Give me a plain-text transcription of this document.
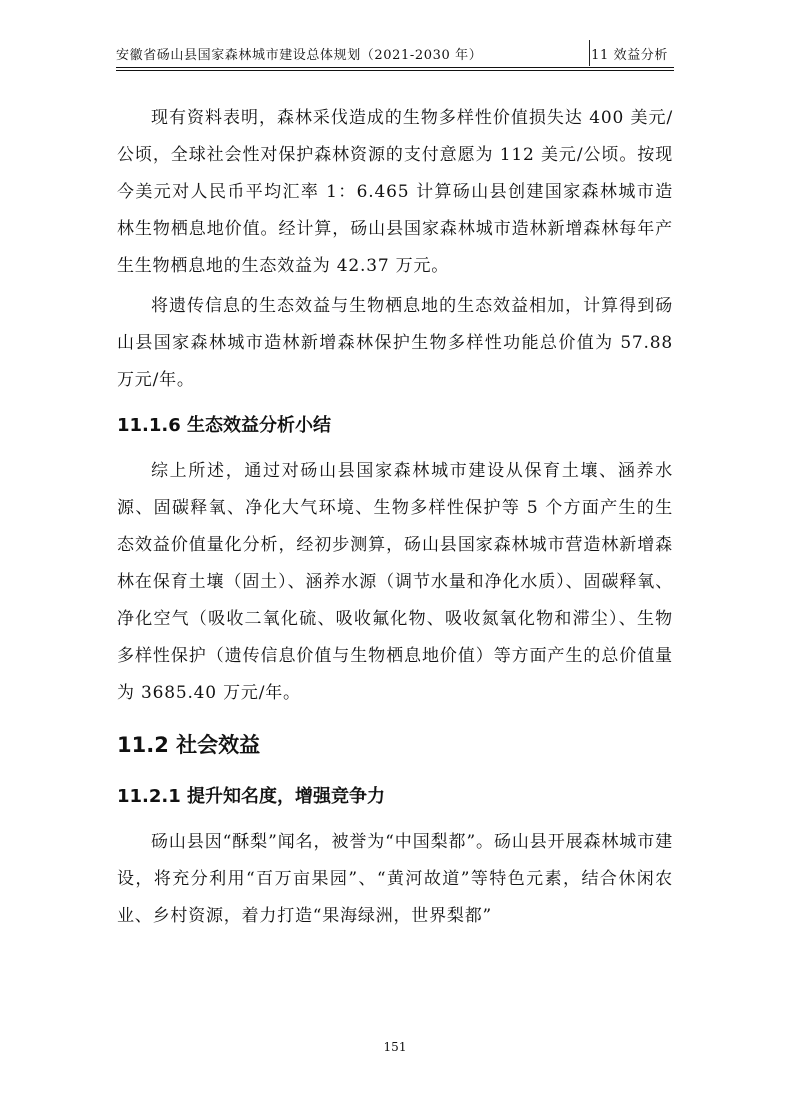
安徽省砀山县国家森林城市建设总体规划（2021-2030 年）	11 效益分析

现有资料表明，森林采伐造成的生物多样性价值损失达 400 美元/公顷，全球社会性对保护森林资源的支付意愿为 112 美元/公顷。按现今美元对人民币平均汇率 1：6.465 计算砀山县创建国家森林城市造林生物栖息地价值。经计算，砀山县国家森林城市造林新增森林每年产生生物栖息地的生态效益为 42.37 万元。

将遗传信息的生态效益与生物栖息地的生态效益相加，计算得到砀山县国家森林城市造林新增森林保护生物多样性功能总价值为 57.88 万元/年。

11.1.6 生态效益分析小结

综上所述，通过对砀山县国家森林城市建设从保育土壤、涵养水源、固碳释氧、净化大气环境、生物多样性保护等 5 个方面产生的生态效益价值量化分析，经初步测算，砀山县国家森林城市营造林新增森林在保育土壤（固土）、涵养水源（调节水量和净化水质）、固碳释氧、净化空气（吸收二氧化硫、吸收氟化物、吸收氮氧化物和滞尘）、生物多样性保护（遗传信息价值与生物栖息地价值）等方面产生的总价值量为 3685.40 万元/年。

11.2 社会效益
11.2.1 提升知名度，增强竞争力

砀山县因“酥梨”闻名，被誉为“中国梨都”。砀山县开展森林城市建设，将充分利用“百万亩果园”、“黄河故道”等特色元素，结合休闲农业、乡村资源，着力打造“果海绿洲，世界梨都”

151
